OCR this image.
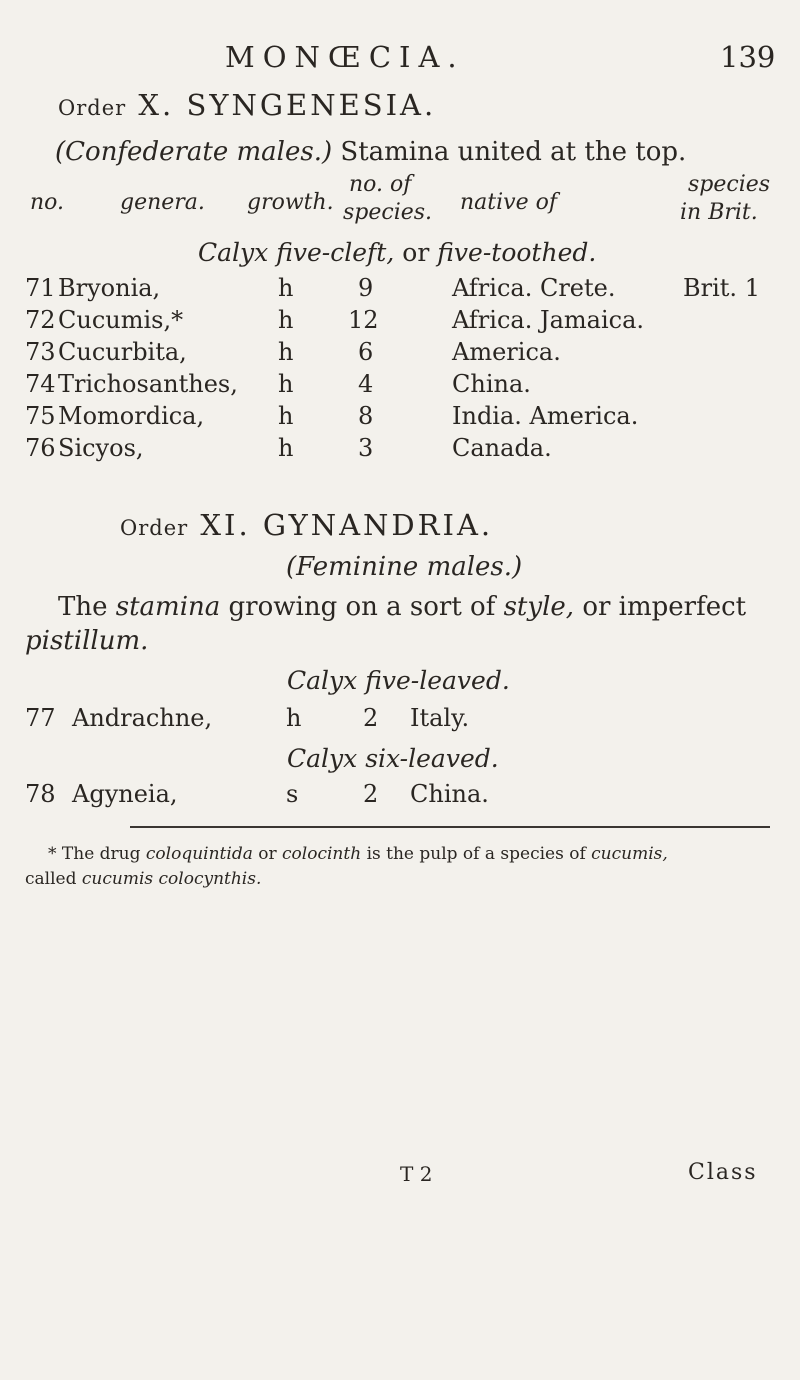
MONŒCIA.	139
Order X. SYNGENESIA.
(Confederate males.) Stamina united at the top.
no.	genera. growth.
no. of
species. native of
species
in Brit.
Calyx five-cleft, or five-toothed.
71 Bryonia,	h	9	Africa. Crete.	Brit. 1
72 Cucumis,*	h 12	Africa. Jamaica.
73 Cucurbita,	h	6	America.
74 Trichosanthes, h	4	China.
75 Momordica,	h	8	India. America.
76 Sicyos,	h	3	Canada.
Order XI. GYNANDRIA.
(Feminine males.)
The stamina growing on a sort of style, or imperfect
pistillum.
Calyx five-leaved.
77 Andrachne,	h	2 Italy.
Calyx six-leaved.
78 Agyneia,	s	2 China.
* The drug coloquintida or colocinth is the pulp of a species of cucumis,
called cucumis colocynthis.
T 2	Class
